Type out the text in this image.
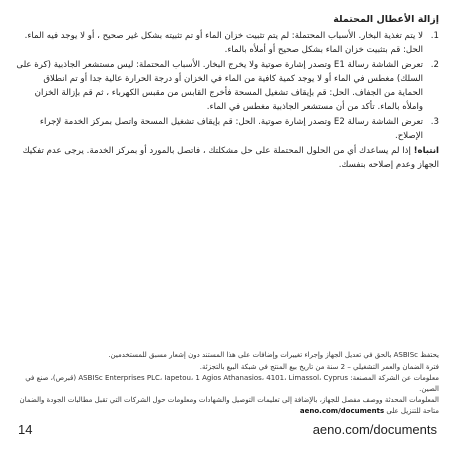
إزالة الأعطال المحتملة
1.
لا يتم تغذية البخار. الأسباب المحتملة: لم يتم تثبيت خزان الماء أو تم تثبيته بشكل غير صحيح ، أو لا يوجد فيه الماء. الحل: قم بتثبيت خزان الماء بشكل صحيح أو أملأه بالماء.
2.
تعرض الشاشة رسالة E1 وتصدر إشارة صوتية ولا يخرج البخار. الأسباب المحتملة: ليس مستشعر الجاذبية (كرة على السلك) مغطس في الماء أو لا يوجد كمية كافية من الماء في الخزان أو درجة الحرارة عالية جدا أو تم انطلاق الحماية من الجفاف. الحل: قم بإيقاف تشغيل المسحة فأخرج القابس من مقبس الكهرباء ، ثم قم بإزالة الخزان واملأه بالماء. تأكد من أن مستشعر الجاذبية مغطس في الماء.
3.
تعرض الشاشة رسالة E2 وتصدر إشارة صوتية. الحل: قم بإيقاف تشغيل المسحة واتصل بمركز الخدمة لإجراء الإصلاح.
انتباه! إذا لم يساعدك أي من الحلول المحتملة على حل مشكلتك ، فاتصل بالمورد أو بمركز الخدمة. يرجى عدم تفكيك الجهاز وعدم إصلاحه بنفسك.

يحتفظ ASBISc بالحق في تعديل الجهاز وإجراء تغييرات وإضافات على هذا المستند دون إشعار مسبق للمستخدمين.

فترة الضمان والعمر التشغيلي – 2 سنة من تاريخ بيع المنتج في شبكة البيع بالتجزئة.

معلومات عن الشركة المصنعة: ASBISc Enterprises PLC، Iapetou، 1 Agios Athanasios، 4101، Limassol، Cyprus (قبرص)، صنع في الصين.

المعلومات المحدثة ووصف مفصل للجهاز، بالإضافة إلى تعليمات التوصيل والشهادات ومعلومات حول الشركات التي تقبل مطالبات الجودة والضمان متاحة للتنزيل على aeno.com/documents

14	aeno.com/documents
